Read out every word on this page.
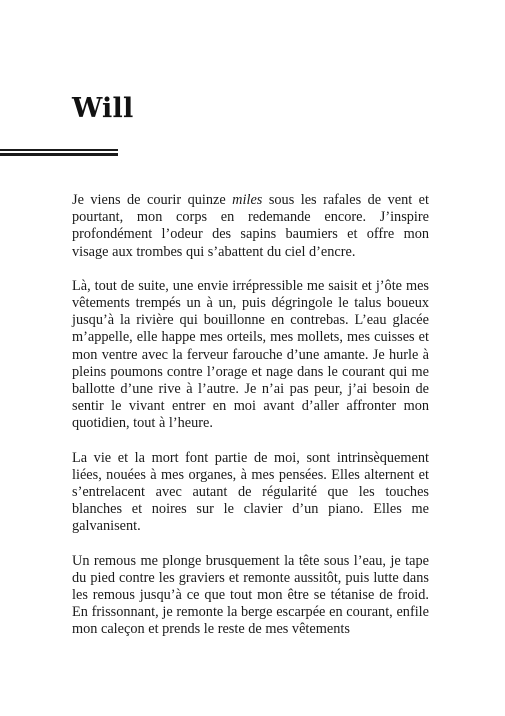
Will

Je viens de courir quinze miles sous les rafales de vent et pourtant, mon corps en redemande encore. J’inspire profondément l’odeur des sapins baumiers et offre mon visage aux trombes qui s’abattent du ciel d’encre.

Là, tout de suite, une envie irrépressible me saisit et j’ôte mes vêtements trempés un à un, puis dégringole le talus boueux jusqu’à la rivière qui bouillonne en contrebas. L’eau glacée m’appelle, elle happe mes orteils, mes mollets, mes cuisses et mon ventre avec la ferveur farouche d’une amante. Je hurle à pleins poumons contre l’orage et nage dans le courant qui me ballotte d’une rive à l’autre. Je n’ai pas peur, j’ai besoin de sentir le vivant entrer en moi avant d’aller affronter mon quotidien, tout à l’heure.

La vie et la mort font partie de moi, sont intrinsèquement liées, nouées à mes organes, à mes pensées. Elles alternent et s’entrelacent avec autant de régularité que les touches blanches et noires sur le clavier d’un piano. Elles me galvanisent.

Un remous me plonge brusquement la tête sous l’eau, je tape du pied contre les graviers et remonte aussitôt, puis lutte dans les remous jusqu’à ce que tout mon être se tétanise de froid. En frissonnant, je remonte la berge escarpée en courant, enfile mon caleçon et prends le reste de mes vêtements
